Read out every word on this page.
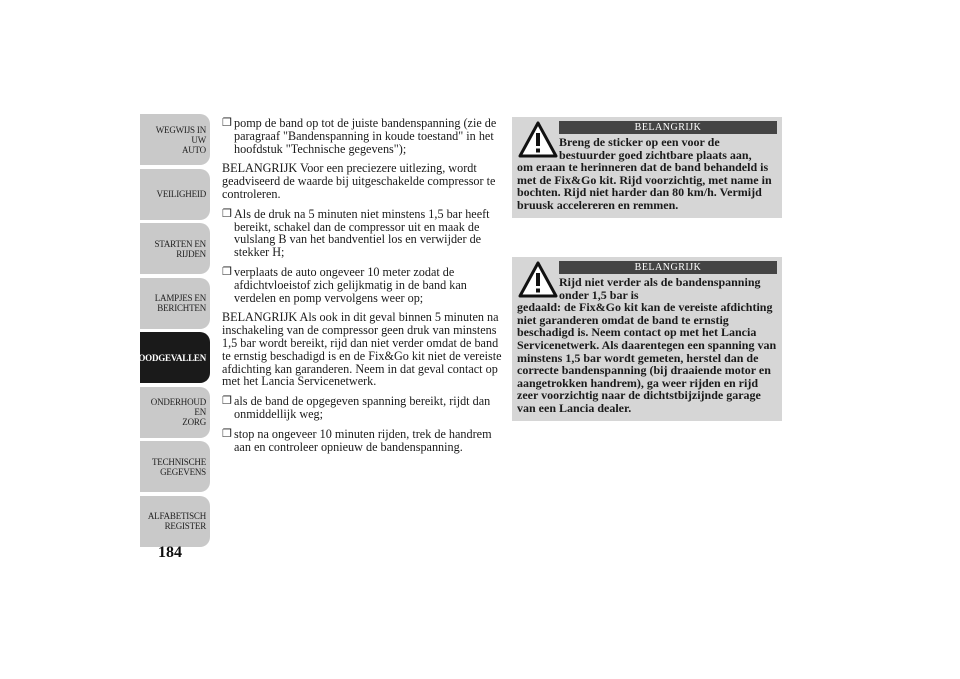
WEGWIJS IN UW
AUTO
VEILIGHEID
STARTEN EN
RIJDEN
LAMPJES EN
BERICHTEN
NOODGEVALLEN
ONDERHOUD EN
ZORG
TECHNISCHE
GEGEVENS
ALFABETISCH
REGISTER
184
❐ pomp de band op tot de juiste bandenspanning (zie de paragraaf "Bandenspanning in koude toestand" in het hoofdstuk "Technische gegevens");
BELANGRIJK Voor een preciezere uitlezing, wordt geadviseerd de waarde bij uitgeschakelde compressor te controleren.
❐ Als de druk na 5 minuten niet minstens 1,5 bar heeft bereikt, schakel dan de compressor uit en maak de vulslang B van het bandventiel los en verwijder de stekker H;
❐ verplaats de auto ongeveer 10 meter zodat de afdichtvloeistof zich gelijkmatig in de band kan verdelen en pomp vervolgens weer op;
BELANGRIJK Als ook in dit geval binnen 5 minuten na inschakeling van de compressor geen druk van minstens 1,5 bar wordt bereikt, rijd dan niet verder omdat de band te ernstig beschadigd is en de Fix&Go kit niet de vereiste afdichting kan garanderen. Neem in dat geval contact op met het Lancia Servicenetwerk.
❐ als de band de opgegeven spanning bereikt, rijdt dan onmiddellijk weg;
❐ stop na ongeveer 10 minuten rijden, trek de handrem aan en controleer opnieuw de bandenspanning.
BELANGRIJK
Breng de sticker op een voor de bestuurder goed zichtbare plaats aan,
om eraan te herinneren dat de band behandeld is met de Fix&Go kit. Rijd voorzichtig, met name in bochten. Rijd niet harder dan 80 km/h. Vermijd bruusk accelereren en remmen.
BELANGRIJK
Rijd niet verder als de bandenspanning onder 1,5 bar is
gedaald: de Fix&Go kit kan de vereiste afdichting niet garanderen omdat de band te ernstig beschadigd is. Neem contact op met het Lancia Servicenetwerk. Als daarentegen een spanning van minstens 1,5 bar wordt gemeten, herstel dan de correcte bandenspanning (bij draaiende motor en aangetrokken handrem), ga weer rijden en rijd zeer voorzichtig naar de dichtstbijzijnde garage van een Lancia dealer.
